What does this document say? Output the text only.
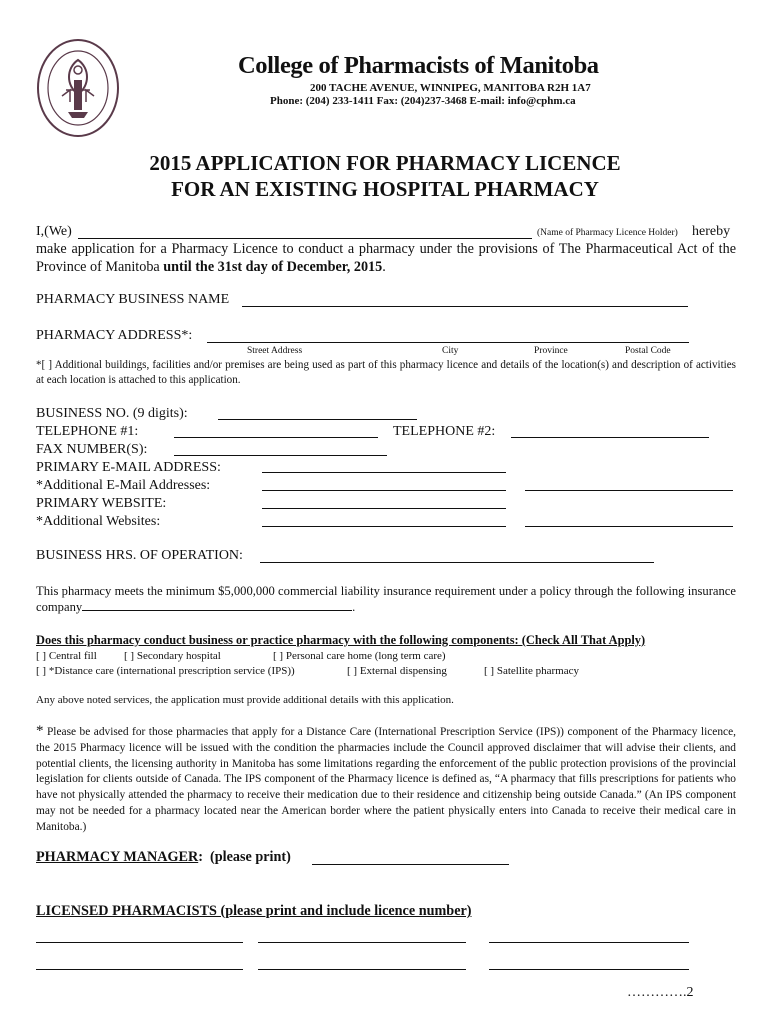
College of Pharmacists of Manitoba
200 TACHE AVENUE, WINNIPEG, MANITOBA R2H 1A7
Phone: (204) 233-1411 Fax: (204)237-3468 E-mail: info@cphm.ca
2015 APPLICATION FOR PHARMACY LICENCE
FOR AN EXISTING HOSPITAL PHARMACY
I,(We)	(Name of Pharmacy Licence Holder) hereby
make application for a Pharmacy Licence to conduct a pharmacy under the provisions of The Pharmaceutical Act of the Province of Manitoba until the 31st day of December, 2015.
PHARMACY BUSINESS NAME
PHARMACY ADDRESS*:
Street Address	City	Province	Postal Code
*[ ] Additional buildings, facilities and/or premises are being used as part of this pharmacy licence and details of the location(s) and description of activities at each location is attached to this application.
BUSINESS NO. (9 digits):
TELEPHONE #1:	TELEPHONE #2:
FAX NUMBER(S):
PRIMARY E-MAIL ADDRESS:
*Additional E-Mail Addresses:
PRIMARY WEBSITE:
*Additional Websites:
BUSINESS HRS. OF OPERATION:
This pharmacy meets the minimum $5,000,000 commercial liability insurance requirement under a policy through the following insurance company	.
Does this pharmacy conduct business or practice pharmacy with the following components: (Check All That Apply)
[ ] Central fill [ ] Secondary hospital	[ ] Personal care home (long term care)
[ ] *Distance care (international prescription service (IPS))	[ ] External dispensing	[ ] Satellite pharmacy
Any above noted services, the application must provide additional details with this application.
* Please be advised for those pharmacies that apply for a Distance Care (International Prescription Service (IPS)) component of the Pharmacy licence, the 2015 Pharmacy licence will be issued with the condition the pharmacies include the Council approved disclaimer that will advise their clients, and potential clients, the licensing authority in Manitoba has some limitations regarding the enforcement of the public protection provisions of the provincial legislation for clients outside of Canada. The IPS component of the Pharmacy licence is defined as, “A pharmacy that fills prescriptions for patients who have not physically attended the pharmacy to receive their medication due to their residence and citizenship being outside Canada.” (An IPS component may not be needed for a pharmacy located near the American border where the patient physically enters into Canada to receive their medical care in Manitoba.)
PHARMACY MANAGER: (please print)
LICENSED PHARMACISTS (please print and include licence number)
………….2
